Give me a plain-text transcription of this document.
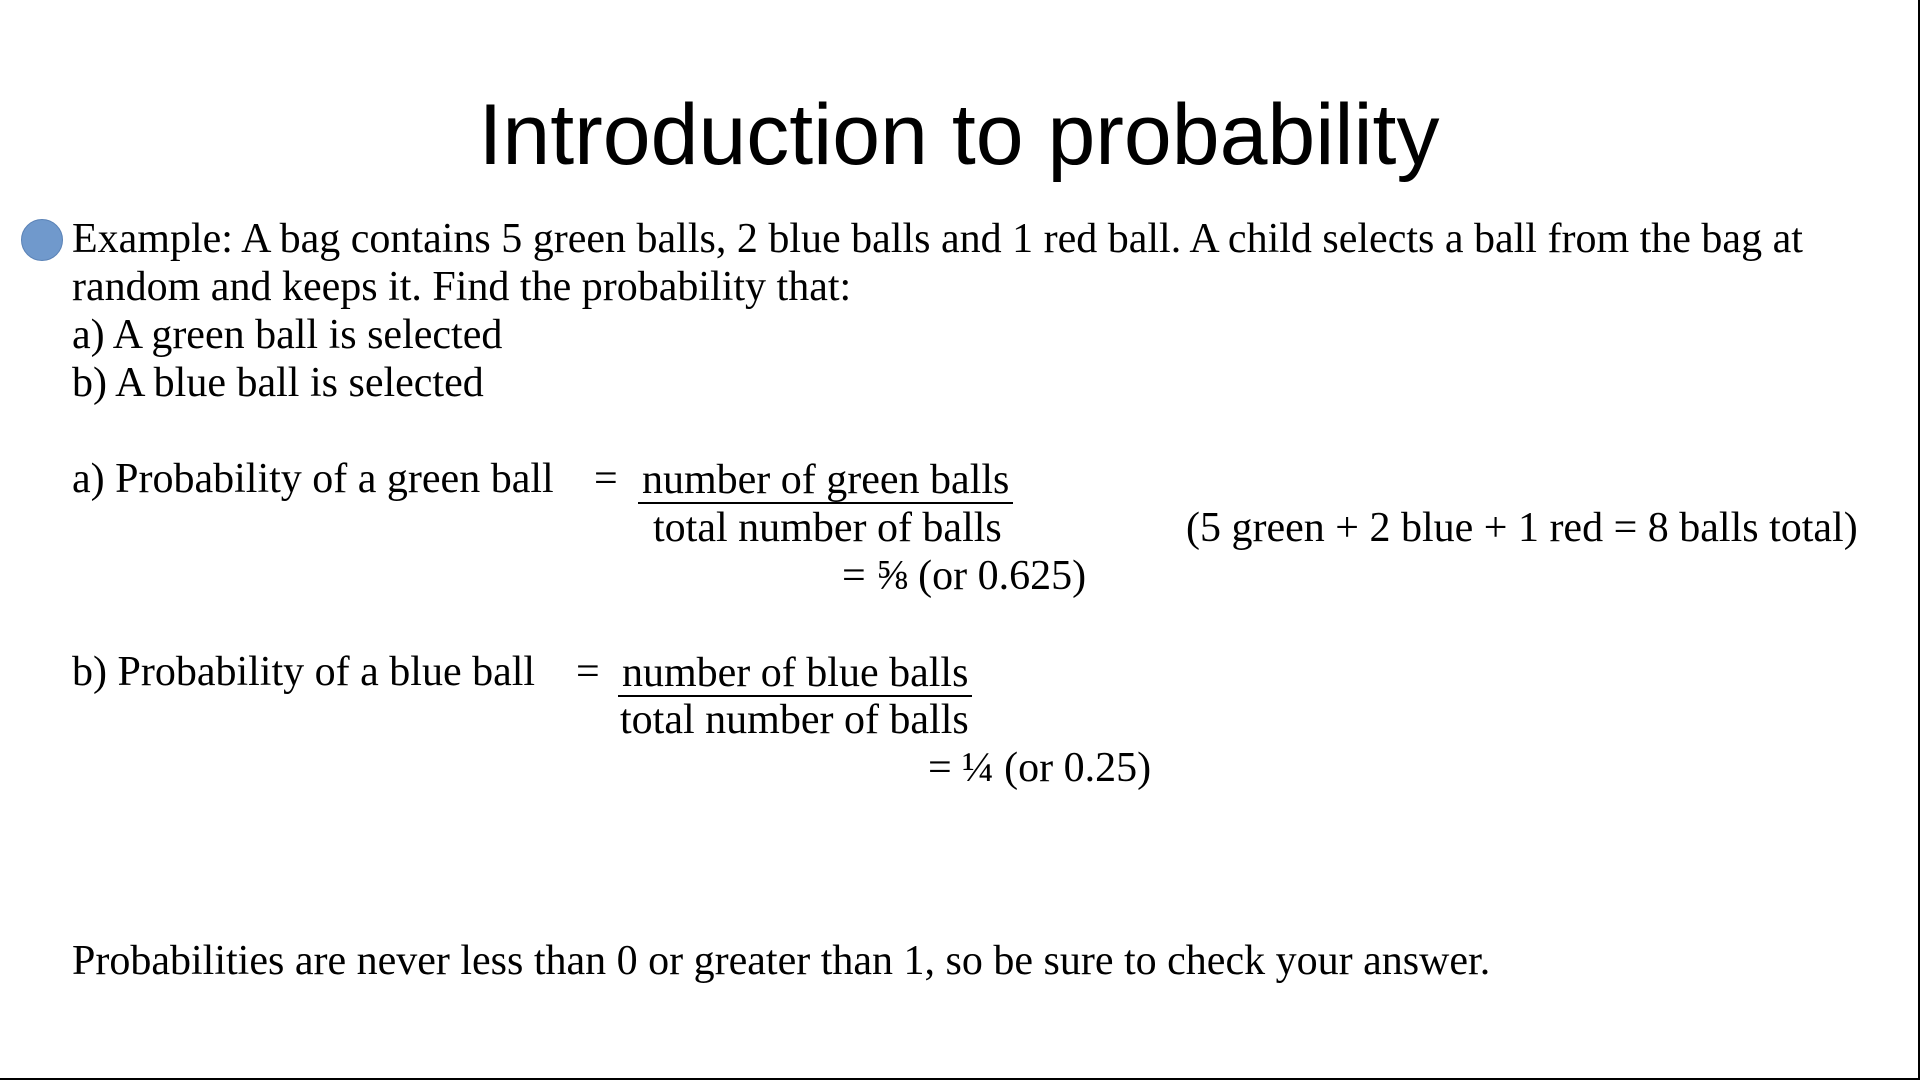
Introduction to probability
Example: A bag contains 5 green balls, 2 blue balls and 1 red ball. A child selects a ball from the bag at
random and keeps it. Find the probability that:
a) A green ball is selected
b) A blue ball is selected
a) Probability of a green ball = number of green balls
total number of balls	(5 green + 2 blue + 1 red = 8 balls total)
= ⅝ (or 0.625)
b) Probability of a blue ball = number of blue balls
total number of balls
= ¼ (or 0.25)
Probabilities are never less than 0 or greater than 1, so be sure to check your answer.
